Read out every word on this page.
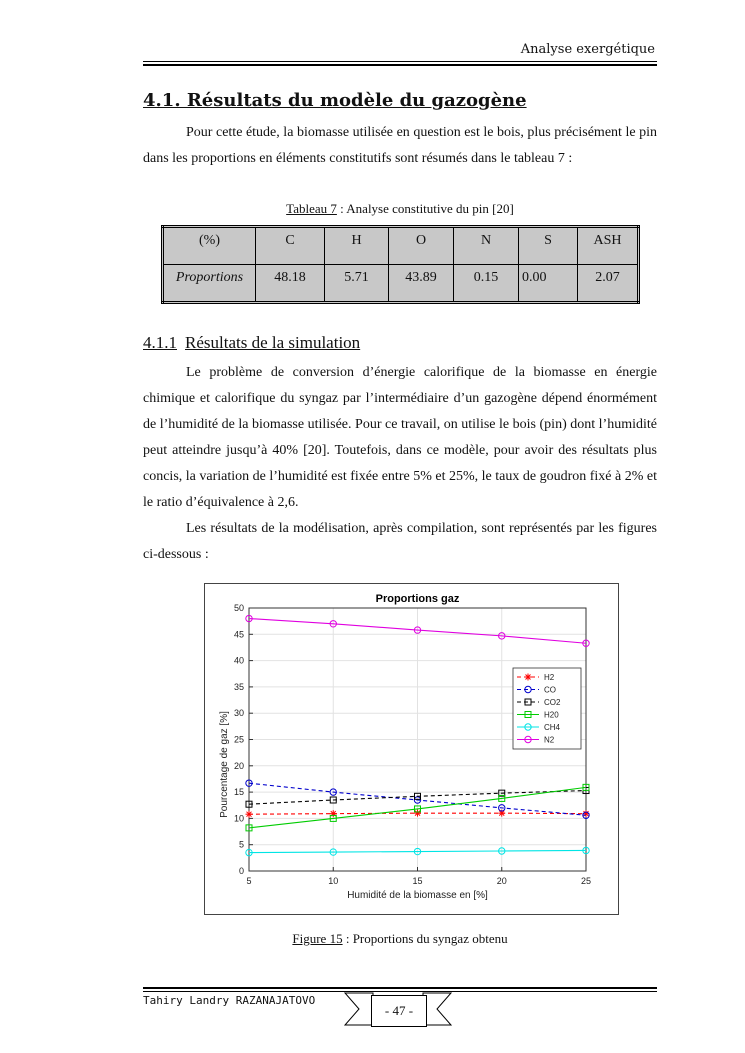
Analyse exergétique
4.1. Résultats du modèle du gazogène

Pour cette étude, la biomasse utilisée en question est le bois, plus précisément le pin dans les proportions en éléments constitutifs sont résumés dans le tableau 7 :

Tableau 7 : Analyse constitutive du pin [20]
(%)	C	H	O	N	S	ASH

Proportions	48.18	5.71	43.89	0.15	0.00	2.07
4.1.1 Résultats de la simulation

Le problème de conversion d’énergie calorifique de la biomasse en énergie chimique et calorifique du syngaz par l’intermédiaire d’un gazogène dépend énormément de l’humidité de la biomasse utilisée. Pour ce travail, on utilise le bois (pin) dont l’humidité peut atteindre jusqu’à 40% [20]. Toutefois, dans ce modèle, pour avoir des résultats plus concis, la variation de l’humidité est fixée entre 5% et 25%, le taux de goudron fixé à 2% et le ratio d’équivalence à 2,6.

Les résultats de la modélisation, après compilation, sont représentés par les figures ci-dessous :

5	10	15	20	25
0
5
10
15
20
25
30
35
40
45
50
Proportions gaz
Humidité de la biomasse en [%]
Pourcentage de gaz [%]
H2
CO
CO2
H20
CH4
N2
Figure 15 : Proportions du syngaz obtenu
Tahiry Landry RAZANAJATOVO
- 47 -
